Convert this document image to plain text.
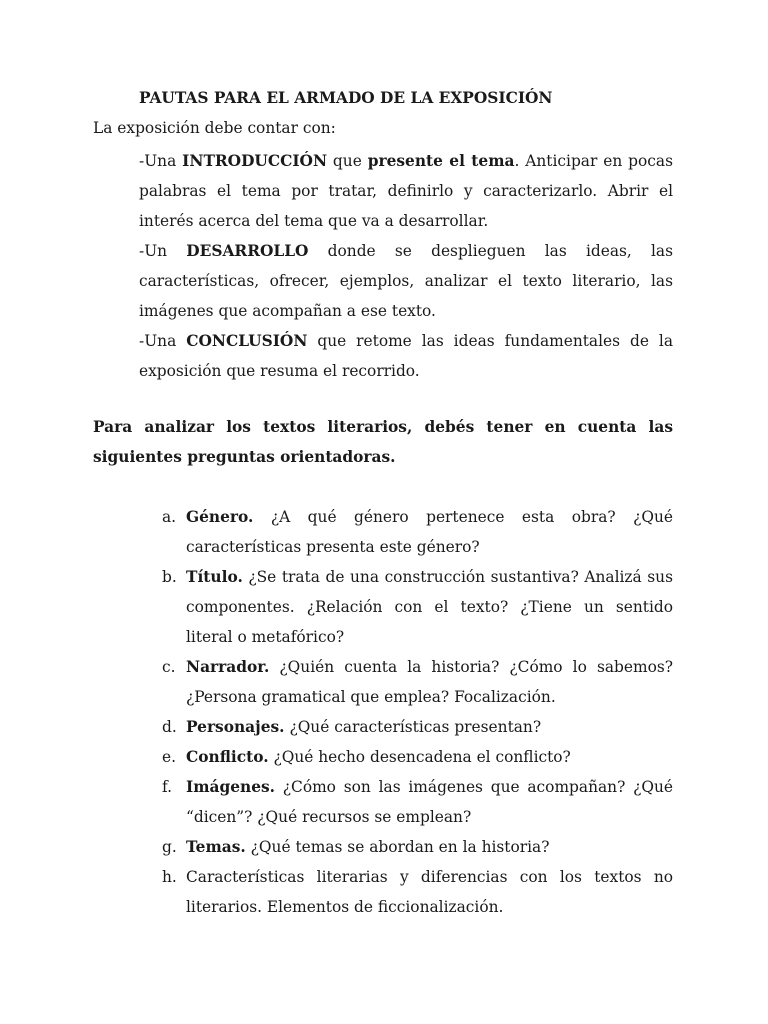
PAUTAS PARA EL ARMADO DE LA EXPOSICIÓN
La exposición debe contar con:

-Una INTRODUCCIÓN que presente el tema. Anticipar en pocas palabras el tema por tratar, definirlo y caracterizarlo. Abrir el interés acerca del tema que va a desarrollar.

-Un DESARROLLO donde se desplieguen las ideas, las características, ofrecer, ejemplos, analizar el texto literario, las imágenes que acompañan a ese texto.

-Una CONCLUSIÓN que retome las ideas fundamentales de la exposición que resuma el recorrido.

Para analizar los textos literarios, debés tener en cuenta las siguientes preguntas orientadoras.

a. Género. ¿A qué género pertenece esta obra? ¿Qué características presenta este género?
b. Título. ¿Se trata de una construcción sustantiva? Analizá sus componentes. ¿Relación con el texto? ¿Tiene un sentido literal o metafórico?
c. Narrador. ¿Quién cuenta la historia? ¿Cómo lo sabemos? ¿Persona gramatical que emplea? Focalización.
d. Personajes. ¿Qué características presentan?
e. Conflicto. ¿Qué hecho desencadena el conflicto?
f. Imágenes. ¿Cómo son las imágenes que acompañan? ¿Qué “dicen”? ¿Qué recursos se emplean?
g. Temas. ¿Qué temas se abordan en la historia?
h. Características literarias y diferencias con los textos no literarios. Elementos de ficcionalización.
